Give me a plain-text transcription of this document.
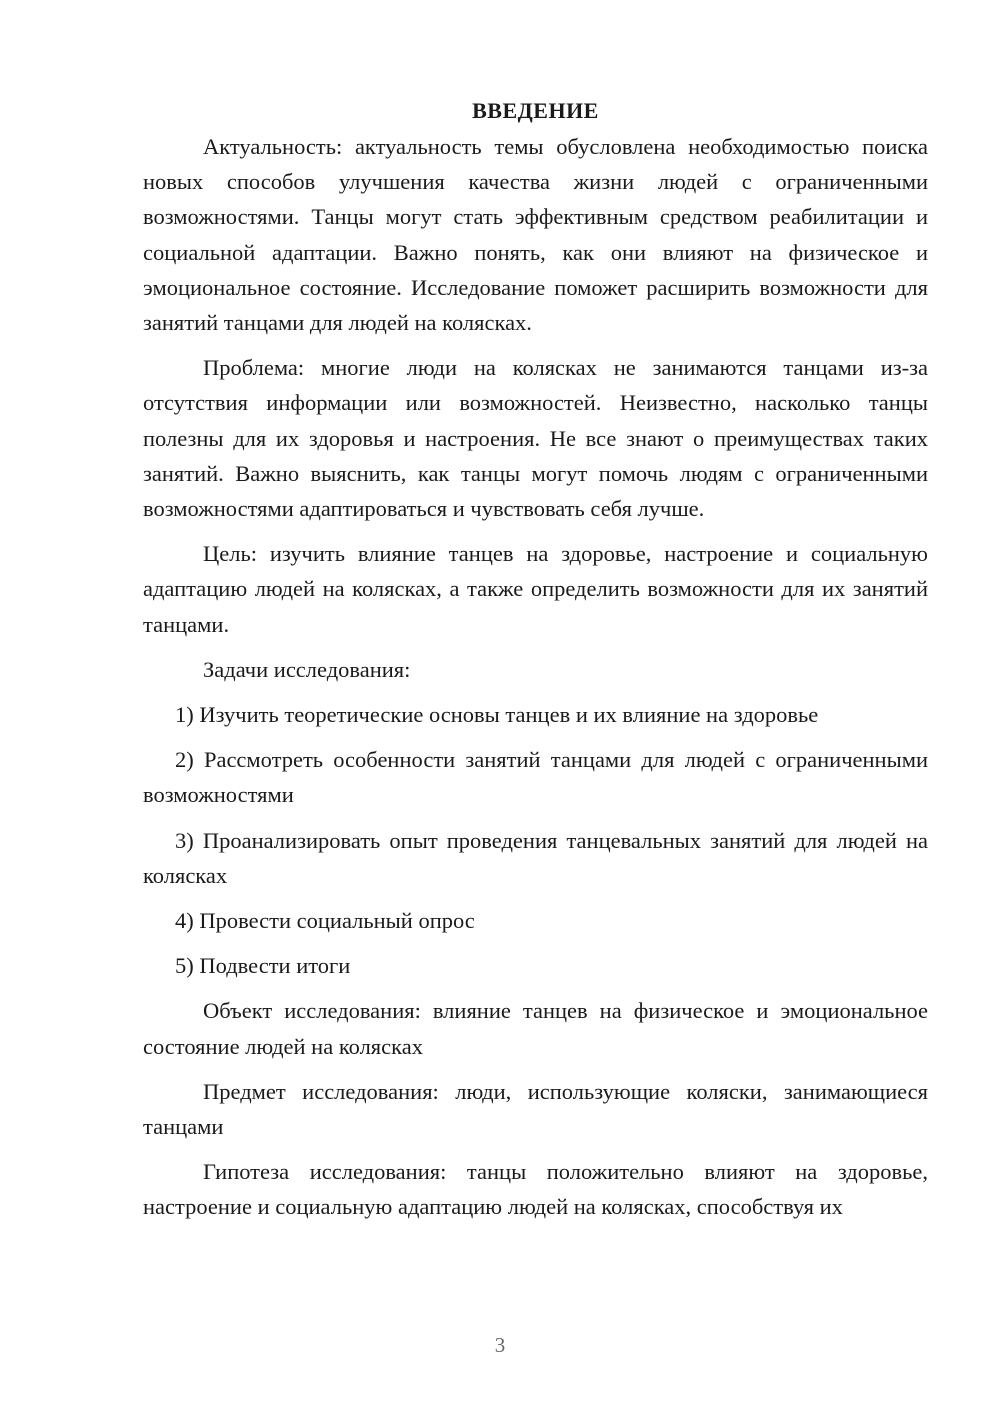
ВВЕДЕНИЕ

Актуальность: актуальность темы обусловлена необходимостью поиска новых способов улучшения качества жизни людей с ограниченными возможностями. Танцы могут стать эффективным средством реабилитации и социальной адаптации. Важно понять, как они влияют на физическое и эмоциональное состояние. Исследование поможет расширить возможности для занятий танцами для людей на колясках.

Проблема: многие люди на колясках не занимаются танцами из-за отсутствия информации или возможностей. Неизвестно, насколько танцы полезны для их здоровья и настроения. Не все знают о преимуществах таких занятий. Важно выяснить, как танцы могут помочь людям с ограниченными возможностями адаптироваться и чувствовать себя лучше.

Цель: изучить влияние танцев на здоровье, настроение и социальную адаптацию людей на колясках, а также определить возможности для их занятий танцами.

Задачи исследования:

1) Изучить теоретические основы танцев и их влияние на здоровье

2) Рассмотреть особенности занятий танцами для людей с ограниченными возможностями

3) Проанализировать опыт проведения танцевальных занятий для людей на колясках

4) Провести социальный опрос

5) Подвести итоги

Объект исследования: влияние танцев на физическое и эмоциональное состояние людей на колясках

Предмет исследования: люди, использующие коляски, занимающиеся танцами

Гипотеза исследования: танцы положительно влияют на здоровье, настроение и социальную адаптацию людей на колясках, способствуя их

3
